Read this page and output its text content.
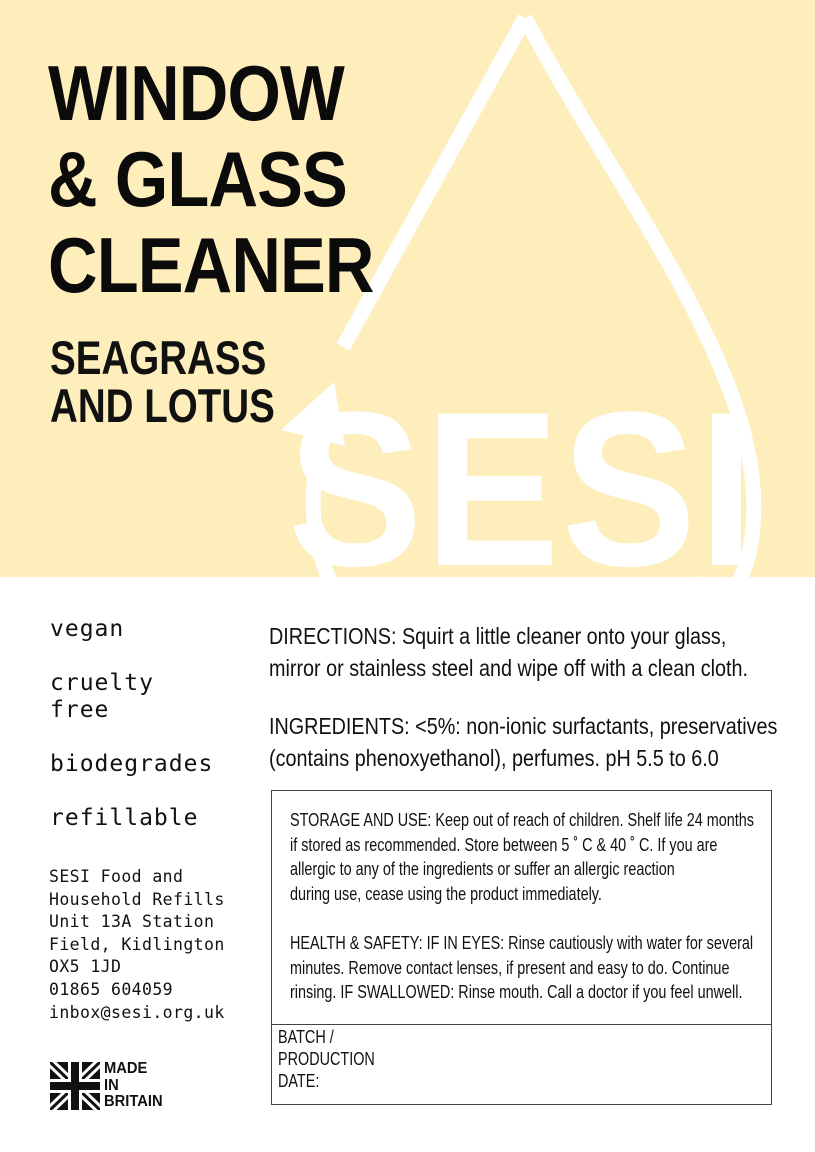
SESI
WINDOW
& GLASS
CLEANER
SEAGRASS
AND LOTUS

vegan

cruelty
free

biodegrades

refillable

SESI Food and
Household Refills
Unit 13A Station
Field, Kidlington
OX5 1JD
01865 604059
inbox@sesi.org.uk
MADE
IN
BRITAIN

DIRECTIONS: Squirt a little cleaner onto your glass,
mirror or stainless steel and wipe off with a clean cloth.

INGREDIENTS: <5%: non-ionic surfactants, preservatives
(contains phenoxyethanol), perfumes. pH 5.5 to 6.0

STORAGE AND USE: Keep out of reach of children. Shelf life 24 months
if stored as recommended. Store between 5 ˚ C & 40 ˚ C. If you are
allergic to any of the ingredients or suffer an allergic reaction
during use, cease using the product immediately.

HEALTH & SAFETY: IF IN EYES: Rinse cautiously with water for several
minutes. Remove contact lenses, if present and easy to do. Continue
rinsing. IF SWALLOWED: Rinse mouth. Call a doctor if you feel unwell.

BATCH /
PRODUCTION
DATE:
